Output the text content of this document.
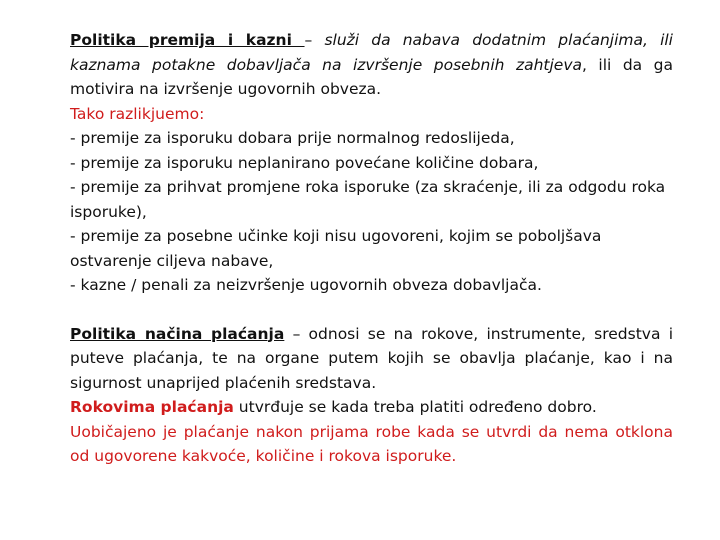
Politika premija i kazni – služi da nabava dodatnim plaćanjima, ili kaznama potakne dobavljača na izvršenje posebnih zahtjeva, ili da ga motivira na izvršenje ugovornih obveza.

Tako razlikjuemo:

- premije za isporuku dobara prije normalnog redoslijeda,

- premije za isporuku neplanirano povećane količine dobara,

- premije za prihvat promjene roka isporuke (za skraćenje, ili za odgodu roka isporuke),

- premije za posebne učinke koji nisu ugovoreni, kojim se poboljšava ostvarenje ciljeva nabave,

- kazne / penali za neizvršenje ugovornih obveza dobavljača.

Politika načina plaćanja – odnosi se na rokove, instrumente, sredstva i puteve plaćanja, te na organe putem kojih se obavlja plaćanje, kao i na sigurnost unaprijed plaćenih sredstava.

Rokovima plaćanja utvrđuje se kada treba platiti određeno dobro.

Uobičajeno je plaćanje nakon prijama robe kada se utvrdi da nema otklona od ugovorene kakvoće, količine i rokova isporuke.
